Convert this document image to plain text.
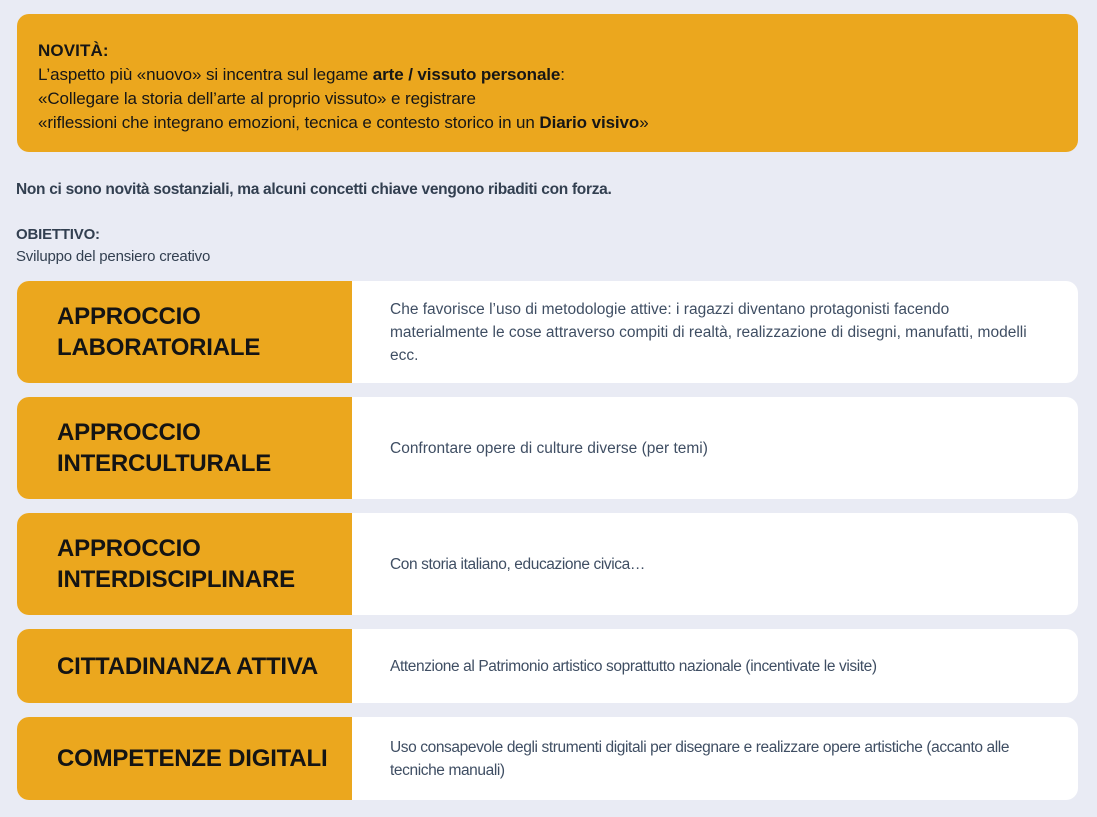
NOVITÀ:
L’aspetto più «nuovo» si incentra sul legame arte / vissuto personale:
«Collegare la storia dell’arte al proprio vissuto» e registrare
«riflessioni che integrano emozioni, tecnica e contesto storico in un Diario visivo»
Non ci sono novità sostanziali, ma alcuni concetti chiave vengono ribaditi con forza.
OBIETTIVO:
Sviluppo del pensiero creativo
APPROCCIO LABORATORIALE
Che favorisce l’uso di metodologie attive: i ragazzi diventano protagonisti facendo materialmente le cose attraverso compiti di realtà, realizzazione di disegni, manufatti, modelli ecc.
APPROCCIO INTERCULTURALE
Confrontare opere di culture diverse (per temi)
APPROCCIO INTERDISCIPLINARE
Con storia italiano, educazione civica…
CITTADINANZA ATTIVA	Attenzione al Patrimonio artistico soprattutto nazionale (incentivate le visite)
COMPETENZE DIGITALI	Uso consapevole degli strumenti digitali per disegnare e realizzare opere artistiche (accanto alle tecniche manuali)
